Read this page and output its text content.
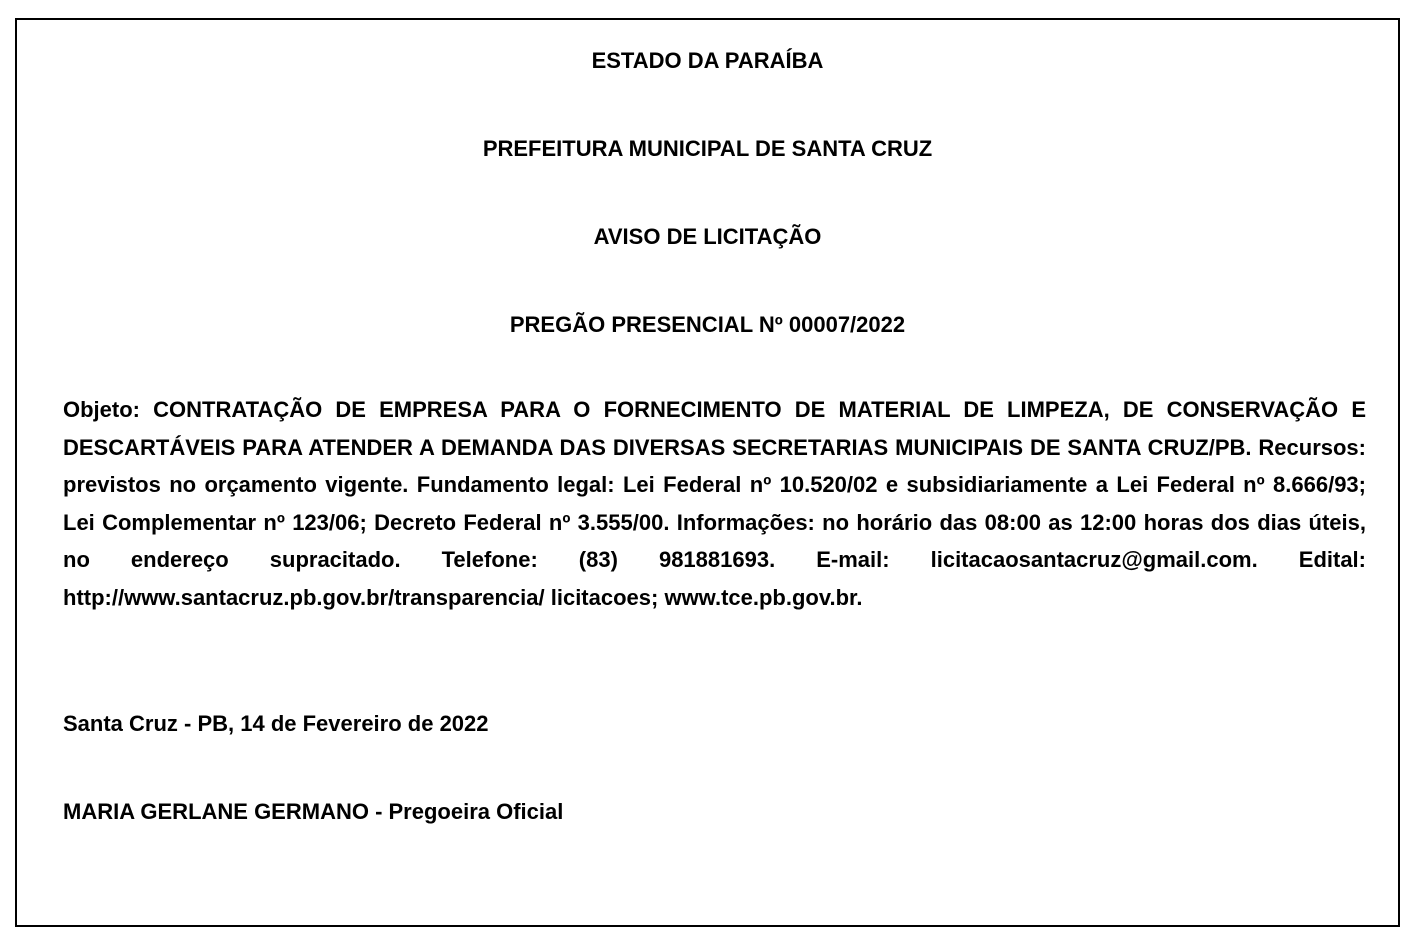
ESTADO DA PARAÍBA
PREFEITURA MUNICIPAL DE SANTA CRUZ
AVISO DE LICITAÇÃO
PREGÃO PRESENCIAL Nº 00007/2022

Objeto: CONTRATAÇÃO DE EMPRESA PARA O FORNECIMENTO DE MATERIAL DE LIMPEZA, DE CONSERVAÇÃO E DESCARTÁVEIS PARA ATENDER A DEMANDA DAS DIVERSAS SECRETARIAS MUNICIPAIS DE SANTA CRUZ/PB. Recursos: previstos no orçamento vigente. Fundamento legal: Lei Federal nº 10.520/02 e subsidiariamente a Lei Federal nº 8.666/93; Lei Complementar nº 123/06; Decreto Federal nº 3.555/00. Informações: no horário das 08:00 as 12:00 horas dos dias úteis, no endereço supracitado. Telefone: (83) 981881693. E-mail: licitacaosantacruz@gmail.com. Edital: http://www.santacruz.pb.gov.br/transparencia/ licitacoes; www.tce.pb.gov.br.

Santa Cruz - PB, 14 de Fevereiro de 2022
MARIA GERLANE GERMANO - Pregoeira Oficial
